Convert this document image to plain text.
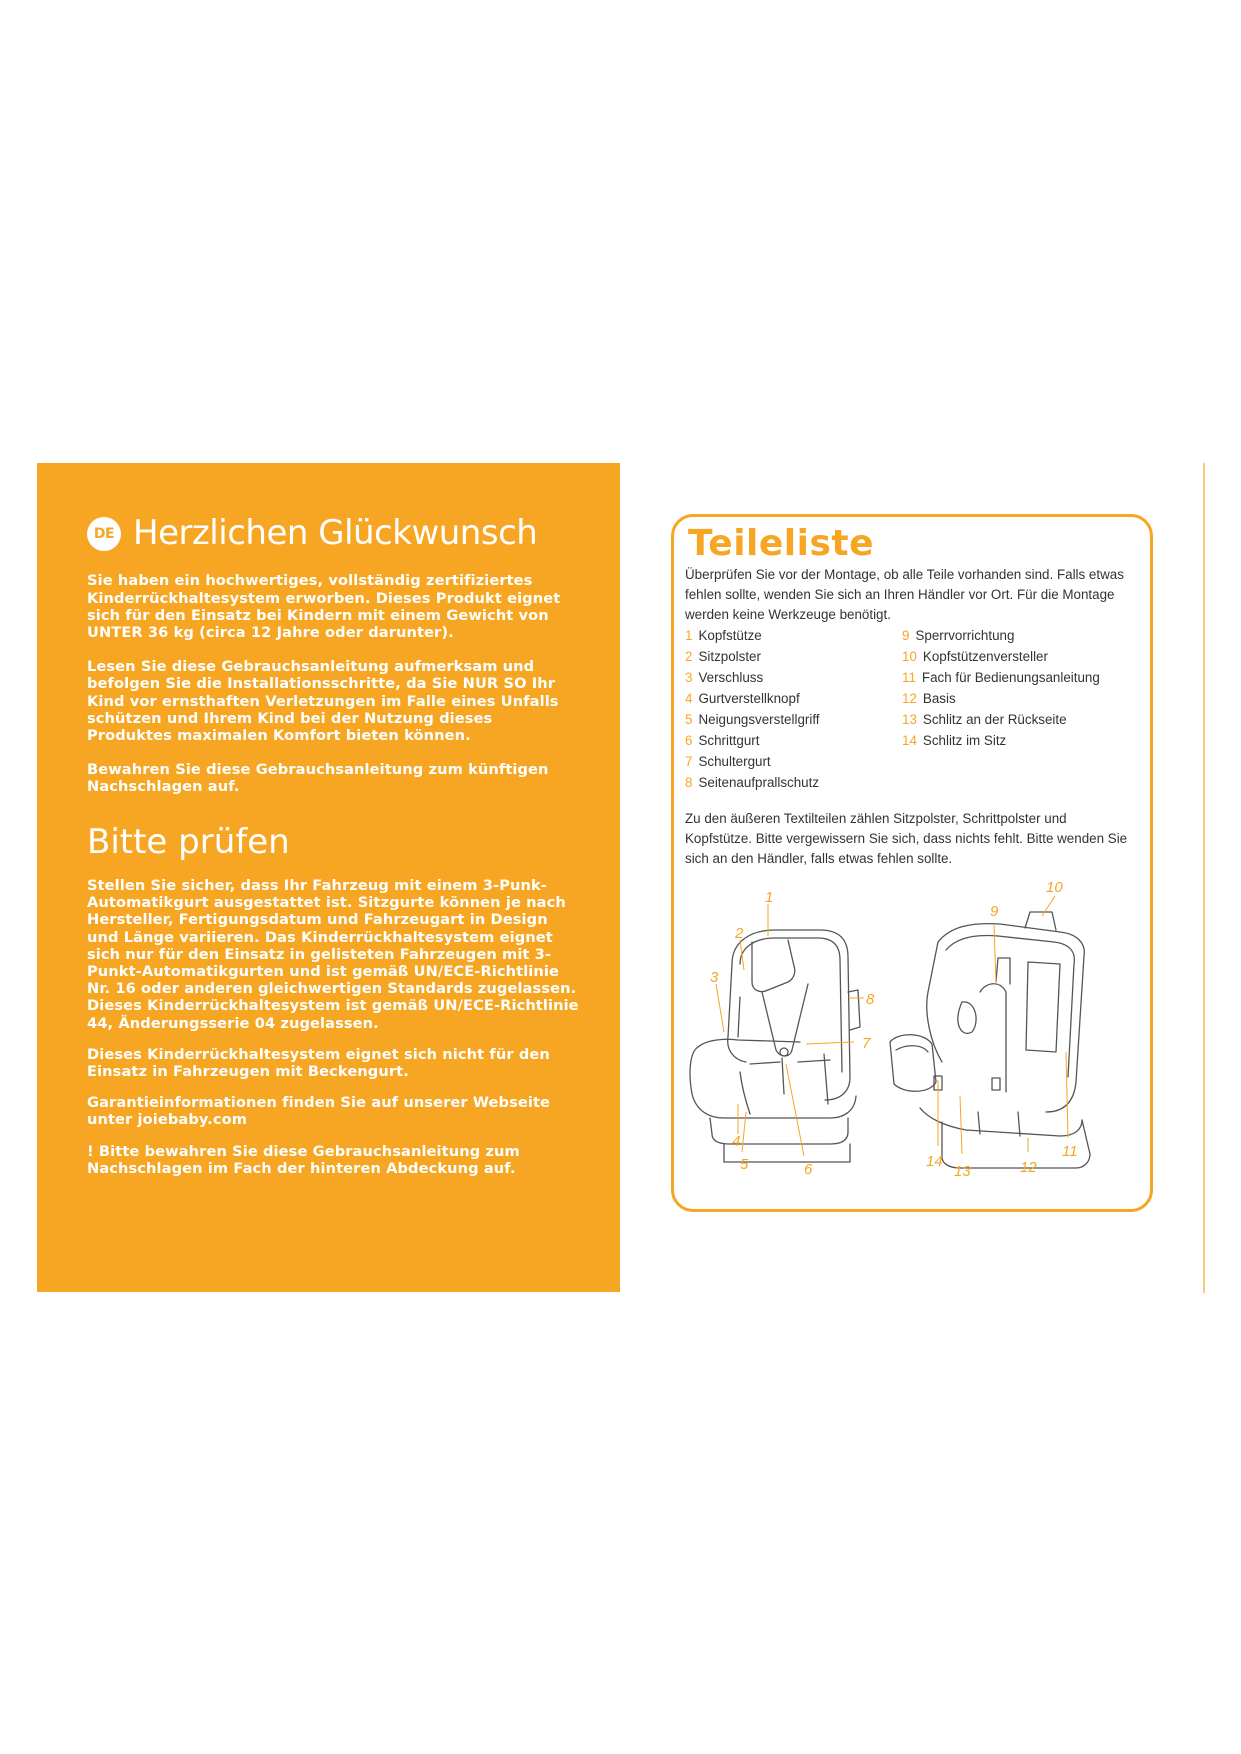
DE Herzlichen Glückwunsch

Sie haben ein hochwertiges, vollständig zertifiziertes Kinderrückhaltesystem erworben. Dieses Produkt eignet sich für den Einsatz bei Kindern mit einem Gewicht von UNTER 36 kg (circa 12 Jahre oder darunter).

Lesen Sie diese Gebrauchsanleitung aufmerksam und befolgen Sie die Installationsschritte, da Sie NUR SO Ihr Kind vor ernsthaften Verletzungen im Falle eines Unfalls schützen und Ihrem Kind bei der Nutzung dieses Produktes maximalen Komfort bieten können.

Bewahren Sie diese Gebrauchsanleitung zum künftigen Nachschlagen auf.

Bitte prüfen

Stellen Sie sicher, dass Ihr Fahrzeug mit einem 3-Punk-Automatikgurt ausgestattet ist. Sitzgurte können je nach Hersteller, Fertigungsdatum und Fahrzeugart in Design und Länge variieren. Das Kinderrückhaltesystem eignet sich nur für den Einsatz in gelisteten Fahrzeugen mit 3-Punkt-Automatikgurten und ist gemäß UN/ECE-Richtlinie Nr. 16 oder anderen gleichwertigen Standards zugelassen. Dieses Kinderrückhaltesystem ist gemäß UN/ECE-Richtlinie 44, Änderungsserie 04 zugelassen.

Dieses Kinderrückhaltesystem eignet sich nicht für den Einsatz in Fahrzeugen mit Beckengurt.

Garantieinformationen finden Sie auf unserer Webseite unter joiebaby.com

! Bitte bewahren Sie diese Gebrauchsanleitung zum Nachschlagen im Fach der hinteren Abdeckung auf.

Teileliste

Überprüfen Sie vor der Montage, ob alle Teile vorhanden sind. Falls etwas fehlen sollte, wenden Sie sich an Ihren Händler vor Ort. Für die Montage werden keine Werkzeuge benötigt.

1 Kopfstütze
2 Sitzpolster
3 Verschluss
4 Gurtverstellknopf
5 Neigungsverstellgriff
6 Schrittgurt
7 Schultergurt
8 Seitenaufprallschutz
9 Sperrvorrichtung
10 Kopfstützenversteller
11 Fach für Bedienungsanleitung
12 Basis
13 Schlitz an der Rückseite
14 Schlitz im Sitz

Zu den äußeren Textilteilen zählen Sitzpolster, Schrittpolster und Kopfstütze. Bitte vergewissern Sie sich, dass nichts fehlt. Bitte wenden Sie sich an den Händler, falls etwas fehlen sollte.

1
2
3
4
5	6
7
8
9
10
11
12
13
14
